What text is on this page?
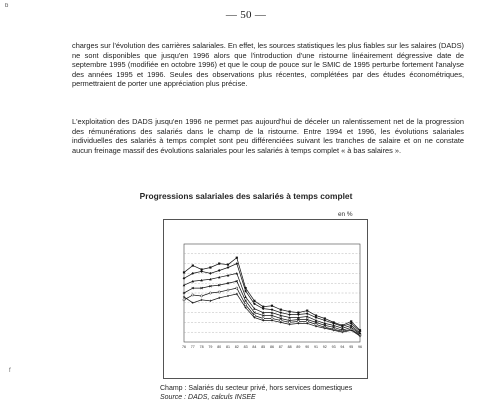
b
— 50 —

charges sur l'évolution des carrières salariales. En effet, les sources statistiques les plus fiables sur les salaires (DADS) ne sont disponibles que jusqu'en 1996 alors que l'introduction d'une ristourne linéairement dégressive date de septembre 1995 (modifiée en octobre 1996) et que le coup de pouce sur le SMIC de 1995 perturbe fortement l'analyse des années 1995 et 1996. Seules des observations plus récentes, complétées par des études économétriques, permettraient de porter une appréciation plus précise.

L'exploitation des DADS jusqu'en 1996 ne permet pas aujourd'hui de déceler un ralentissement net de la progression des rémunérations des salariés dans le champ de la ristourne. Entre 1994 et 1996, les évolutions salariales individuelles des salariés à temps complet sont peu différenciées suivant les tranches de salaire et on ne constate aucun freinage massif des évolutions salariales pour les salariés à temps complet « à bas salaires ».

Progressions salariales des salariés à temps complet
en %
76 77 78 79 80 81 82 83 84 85 86 87 88 89 90 91 92 93 94 95 96
Champ : Salariés du secteur privé, hors services domestiques
Source : DADS, calculs INSEE
f
